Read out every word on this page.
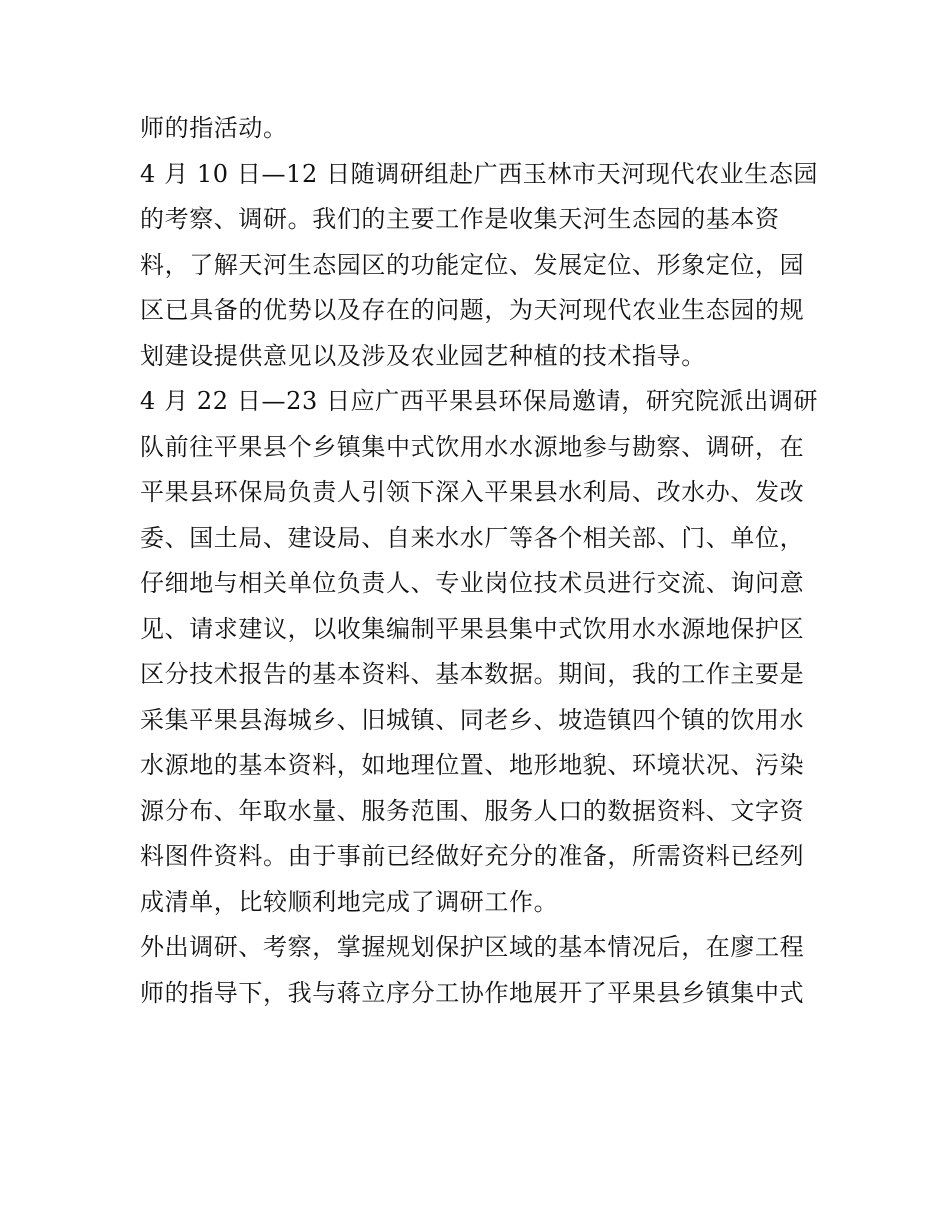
师的指活动。
4 月 10 日—12 日随调研组赴广西玉林市天河现代农业生态园
的考察、调研。我们的主要工作是收集天河生态园的基本资
料，了解天河生态园区的功能定位、发展定位、形象定位，园
区已具备的优势以及存在的问题，为天河现代农业生态园的规
划建设提供意见以及涉及农业园艺种植的技术指导。
4 月 22 日—23 日应广西平果县环保局邀请，研究院派出调研
队前往平果县个乡镇集中式饮用水水源地参与勘察、调研，在
平果县环保局负责人引领下深入平果县水利局、改水办、发改
委、国土局、建设局、自来水水厂等各个相关部、门、单位，
仔细地与相关单位负责人、专业岗位技术员进行交流、询问意
见、请求建议，以收集编制平果县集中式饮用水水源地保护区
区分技术报告的基本资料、基本数据。期间，我的工作主要是
采集平果县海城乡、旧城镇、同老乡、坡造镇四个镇的饮用水
水源地的基本资料，如地理位置、地形地貌、环境状况、污染
源分布、年取水量、服务范围、服务人口的数据资料、文字资
料图件资料。由于事前已经做好充分的准备，所需资料已经列
成清单，比较顺利地完成了调研工作。
外出调研、考察，掌握规划保护区域的基本情况后，在廖工程
师的指导下，我与蒋立序分工协作地展开了平果县乡镇集中式
